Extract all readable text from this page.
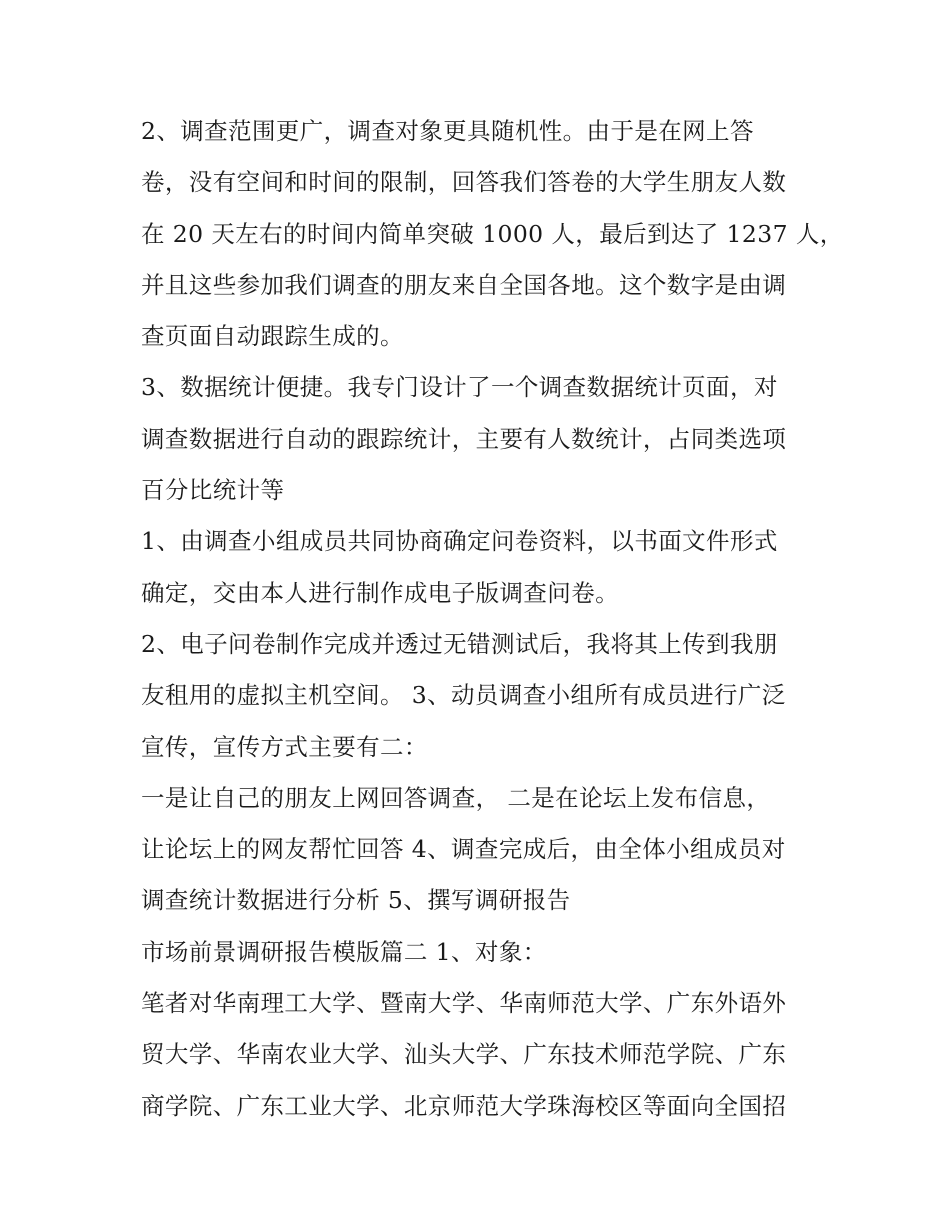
2、调查范围更广，调查对象更具随机性。由于是在网上答
卷，没有空间和时间的限制，回答我们答卷的大学生朋友人数
在 20 天左右的时间内简单突破 1000 人，最后到达了 1237 人，
并且这些参加我们调查的朋友来自全国各地。这个数字是由调
查页面自动跟踪生成的。
3、数据统计便捷。我专门设计了一个调查数据统计页面，对
调查数据进行自动的跟踪统计，主要有人数统计，占同类选项
百分比统计等
1、由调查小组成员共同协商确定问卷资料，以书面文件形式
确定，交由本人进行制作成电子版调查问卷。
2、电子问卷制作完成并透过无错测试后，我将其上传到我朋
友租用的虚拟主机空间。 3、动员调查小组所有成员进行广泛
宣传，宣传方式主要有二：
一是让自己的朋友上网回答调查， 二是在论坛上发布信息，
让论坛上的网友帮忙回答 4、调查完成后，由全体小组成员对
调查统计数据进行分析 5、撰写调研报告
市场前景调研报告模版篇二 1、对象：
笔者对华南理工大学、暨南大学、华南师范大学、广东外语外
贸大学、华南农业大学、汕头大学、广东技术师范学院、广东
商学院、广东工业大学、北京师范大学珠海校区等面向全国招
